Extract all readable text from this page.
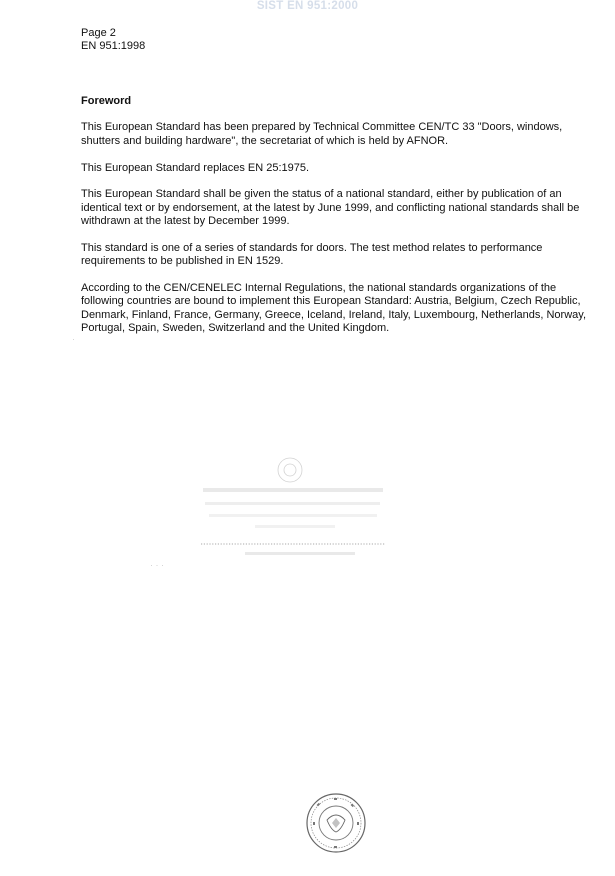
SIST EN 951:2000
Page 2
EN 951:1998
Foreword

This European Standard has been prepared by Technical Committee CEN/TC 33 "Doors, windows, shutters and building hardware", the secretariat of which is held by AFNOR.

This European Standard replaces EN 25:1975.

This European Standard shall be given the status of a national standard, either by publication of an identical text or by endorsement, at the latest by June 1999, and conflicting national standards shall be withdrawn at the latest by December 1999.

This standard is one of a series of standards for doors. The test method relates to performance requirements to be published in EN 1529.

According to the CEN/CENELEC Internal Regulations, the national standards organizations of the following countries are bound to implement this European Standard: Austria, Belgium, Czech Republic, Denmark, Finland, France, Germany, Greece, Iceland, Ireland, Italy, Luxembourg, Netherlands, Norway, Portugal, Spain, Sweden, Switzerland and the United Kingdom.

· · ·
·
